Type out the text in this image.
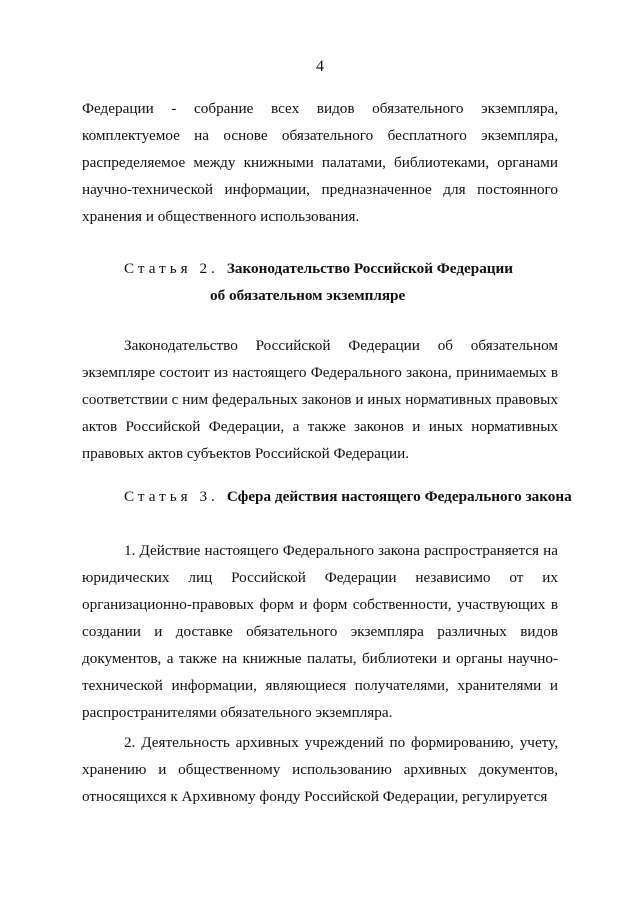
4

Федерации - собрание всех видов обязательного экземпляра, комплектуемое на основе обязательного бесплатного экземпляра, распределяемое между книжными палатами, библиотеками, органами научно-технической информации, предназначенное для постоянного хранения и общественного использования.

Статья 2. Законодательство Российской Федерации
об обязательном экземпляре

Законодательство Российской Федерации об обязательном экземпляре состоит из настоящего Федерального закона, принимаемых в соответствии с ним федеральных законов и иных нормативных правовых актов Российской Федерации, а также законов и иных нормативных правовых актов субъектов Российской Федерации.

Статья 3. Сфера действия настоящего Федерального закона

1. Действие настоящего Федерального закона распространяется на юридических лиц Российской Федерации независимо от их организационно-правовых форм и форм собственности, участвующих в создании и доставке обязательного экземпляра различных видов документов, а также на книжные палаты, библиотеки и органы научно-технической информации, являющиеся получателями, хранителями и распространителями обязательного экземпляра.

2. Деятельность архивных учреждений по формированию, учету, хранению и общественному использованию архивных документов, относящихся к Архивному фонду Российской Федерации, регулируется
